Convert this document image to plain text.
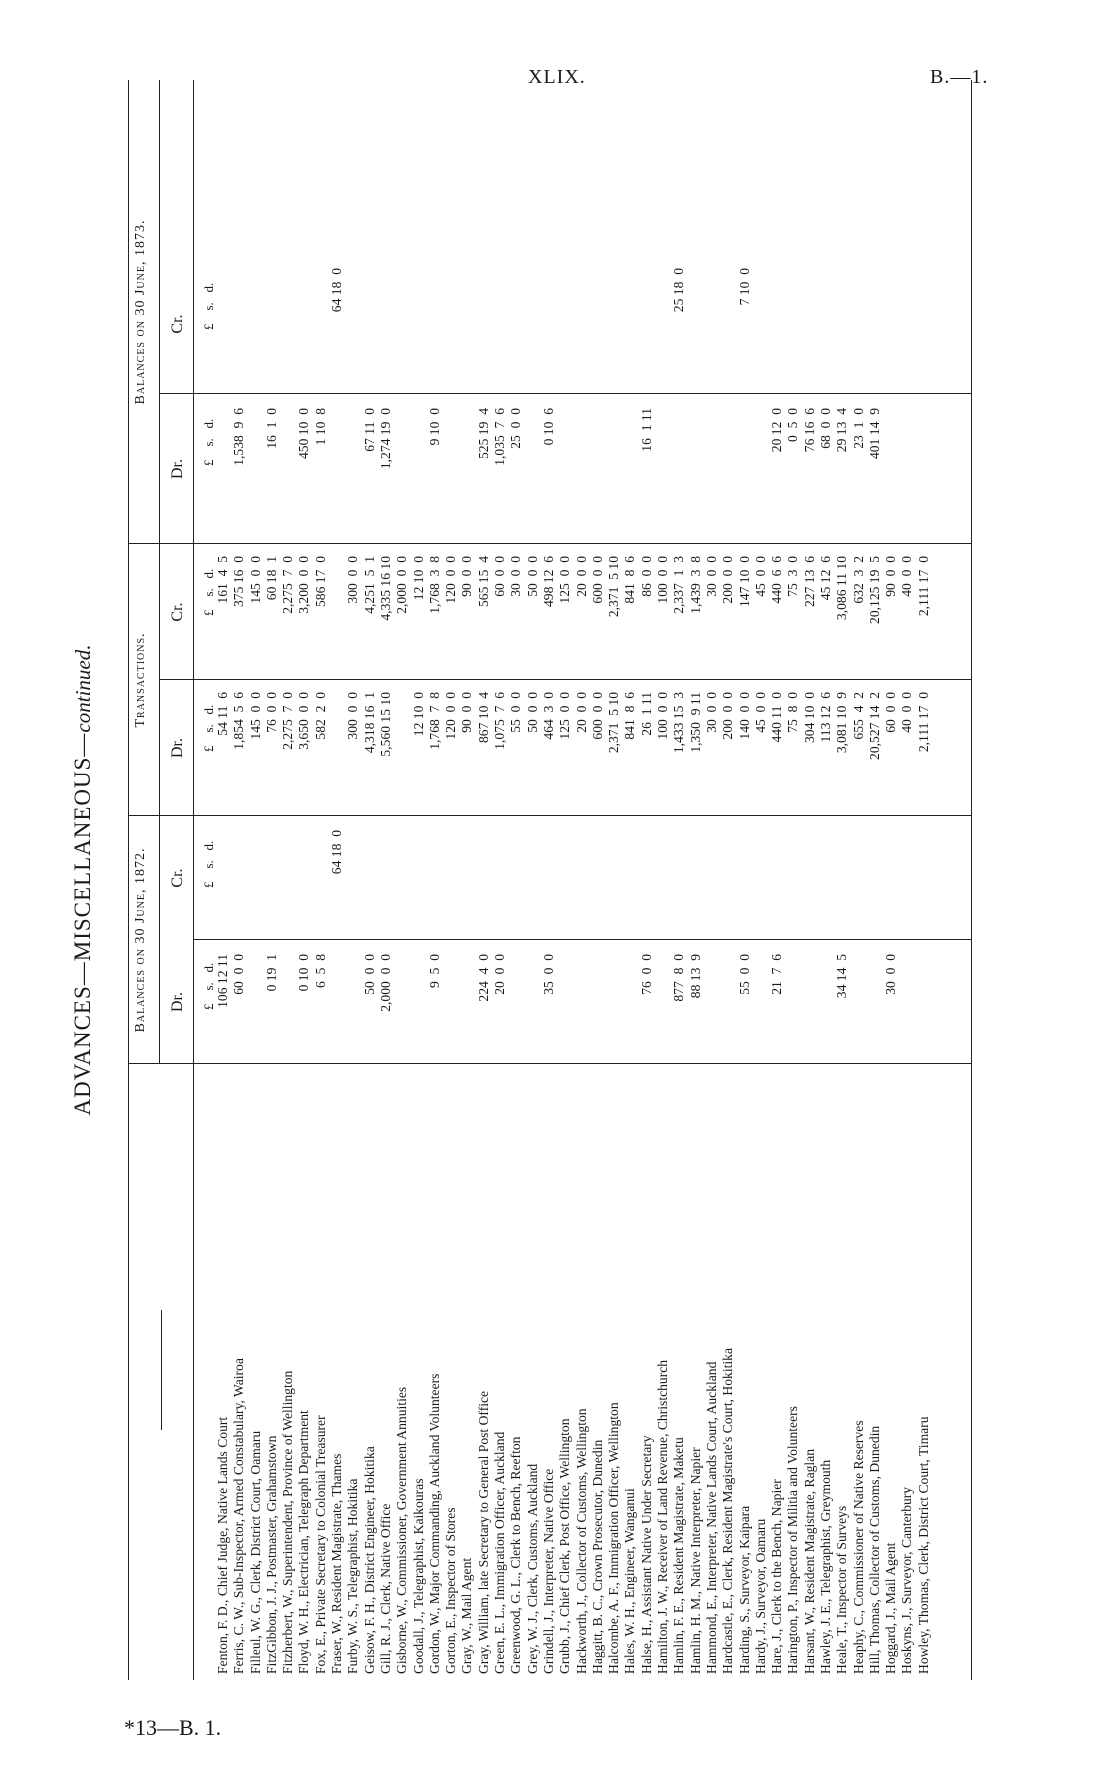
XLIX.	B.—1.
ADVANCES—MISCELLANEOUS—continued.
Balances on 30 June, 1872.
Transactions.
Balances on 30 June, 1873.
Dr.
Cr.
Dr.
Cr.
Dr.
Cr.
£    s.   d.
£    s.   d.
£    s.   d.
£    s.   d.
£    s.   d.
£    s.   d.
Fenton, F. D., Chief Judge, Native Lands Court
106 12 11
54 11  6
161  4  5
Ferris, C. W., Sub-Inspector, Armed Constabulary, Wairoa
60  0  0
1,854  5  6
375 16  0
1,538  9  6
Filleul, W. G., Clerk, District Court, Oamaru
145  0  0
145  0  0
FitzGibbon, J. J., Postmaster, Grahamstown
0 19  1
76  0  0
60 18  1
16  1  0
Fitzherbert, W., Superintendent, Province of Wellington
2,275  7  0
2,275  7  0
Floyd, W. H., Electrician, Telegraph Department
0 10  0
3,650  0  0
3,200  0  0
450 10  0
Fox, E., Private Secretary to Colonial Treasurer
6  5  8
582  2  0
586 17  0
1 10  8
Fraser, W., Resident Magistrate, Thames
64 18  0
64 18  0
Furby, W. S., Telegraphist, Hokitika
300  0  0
300  0  0
Geisow, F. H., District Engineer, Hokitika
50  0  0
4,318 16  1
4,251  5  1
67 11  0
Gill, R. J., Clerk, Native Office
2,000  0  0
5,560 15 10
4,335 16 10
1,274 19  0
Gisborne, W., Commissioner, Government Annuities
2,000  0  0
Goodall, J., Telegraphist, Kaikouras
12 10  0
12 10  0
Gordon, W., Major Commanding, Auckland Volunteers
9  5  0
1,768  7  8
1,768  3  8
9 10  0
Gorton, E., Inspector of Stores
120  0  0
120  0  0
Gray, W., Mail Agent
90  0  0
90  0  0
Gray, William, late Secretary to General Post Office
224  4  0
867 10  4
565 15  4
525 19  4
Green, E. L., Immigration Officer, Auckland
20  0  0
1,075  7  6
60  0  0
1,035  7  6
Greenwood, G. L., Clerk to Bench, Reefton
55  0  0
30  0  0
25  0  0
Grey, W. J., Clerk, Customs, Auckland
50  0  0
50  0  0
Grindell, J., Interpreter, Native Office
35  0  0
464  3  0
498 12  6
0 10  6
Grubb, J., Chief Clerk, Post Office, Wellington
125  0  0
125  0  0
Hackworth, J., Collector of Customs, Wellington
20  0  0
20  0  0
Haggitt, B. C., Crown Prosecutor, Dunedin
600  0  0
600  0  0
Halcombe, A. F., Immigration Officer, Wellington
2,371  5 10
2,371  5 10
Hales, W. H., Engineer, Wanganui
841  8  6
841  8  6
Halse, H., Assistant Native Under Secretary
76  0  0
26  1 11
86  0  0
16  1 11
Hamilton, J. W., Receiver of Land Revenue, Christchurch
100  0  0
100  0  0
Hamlin, F. E., Resident Magistrate, Maketu
877  8  0
1,433 15  3
2,337  1  3
25 18  0
Hamlin, H. M., Native Interpreter, Napier
88 13  9
1,350  9 11
1,439  3  8
Hammond, E., Interpreter, Native Lands Court, Auckland
30  0  0
30  0  0
Hardcastle, E., Clerk, Resident Magistrate's Court, Hokitika
200  0  0
200  0  0
Harding, S., Surveyor, Kaipara
55  0  0
140  0  0
147 10  0
7 10  0
Hardy, J., Surveyor, Oamaru
45  0  0
45  0  0
Hare, J., Clerk to the Bench, Napier
21  7  6
440 11  0
440  6  6
20 12  0
Harington, P., Inspector of Militia and Volunteers
75  8  0
75  3  0
0  5  0
Harsant, W., Resident Magistrate, Raglan
304 10  0
227 13  6
76 16  6
Hawley, J. E., Telegraphist, Greymouth
113 12  6
45 12  6
68  0  0
Heale, T., Inspector of Surveys
34 14  5
3,081 10  9
3,086 11 10
29 13  4
Heaphy, C., Commissioner of Native Reserves
655  4  2
632  3  2
23  1  0
Hill, Thomas, Collector of Customs, Dunedin
20,527 14  2
20,125 19  5
401 14  9
Hoggard, J., Mail Agent
30  0  0
60  0  0
90  0  0
Hoskyns, J., Surveyor, Canterbury
40  0  0
40  0  0
Howley, Thomas, Clerk, District Court, Timaru
2,111 17  0
2,111 17  0
*13—B. 1.
